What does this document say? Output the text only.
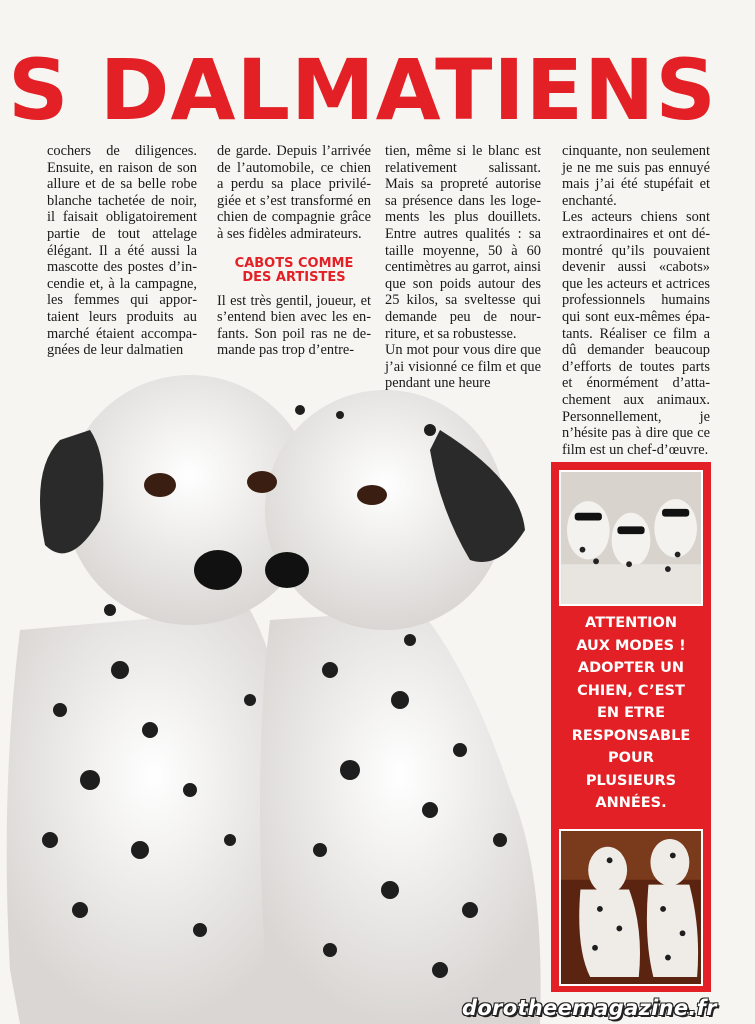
S DALMATIENS

cochers de diligences. Ensuite, en raison de son allure et de sa belle robe blanche tachetée de noir, il faisait obligatoirement partie de tout attelage élégant. Il a été aussi la mascotte des postes d’incendie et, à la campagne, les femmes qui apportaient leurs produits au marché étaient accompagnées de leur dalmatien

de garde. Depuis l’arrivée de l’automobile, ce chien a perdu sa place privilégiée et s’est transformé en chien de compagnie grâce à ses fidèles admirateurs.

CABOTS COMME
DES ARTISTES

Il est très gentil, joueur, et s’entend bien avec les enfants. Son poil ras ne demande pas trop d’entre-

tien, même si le blanc est relativement salissant. Mais sa propreté autorise sa présence dans les logements les plus douillets. Entre autres qualités : sa taille moyenne, 50 à 60 centimètres au garrot, ainsi que son poids autour des 25 kilos, sa sveltesse qui demande peu de nourriture, et sa robustesse.

Un mot pour vous dire que j’ai visionné ce film et que pendant une heure

cinquante, non seulement je ne me suis pas ennuyé mais j’ai été stupéfait et enchanté.

Les acteurs chiens sont extraordinaires et ont démontré qu’ils pouvaient devenir aussi «cabots» que les acteurs et actrices professionnels humains qui sont eux-mêmes épatants. Réaliser ce film a dû demander beaucoup d’efforts de toutes parts et énormément d’attachement aux animaux. Personnellement, je n’hésite pas à dire que ce film est un chef-d’œuvre.

ATTENTION
AUX MODES !
ADOPTER UN
CHIEN, C’EST
EN ETRE
RESPONSABLE
POUR
PLUSIEURS
ANNÉES.
dorotheemagazine.fr
